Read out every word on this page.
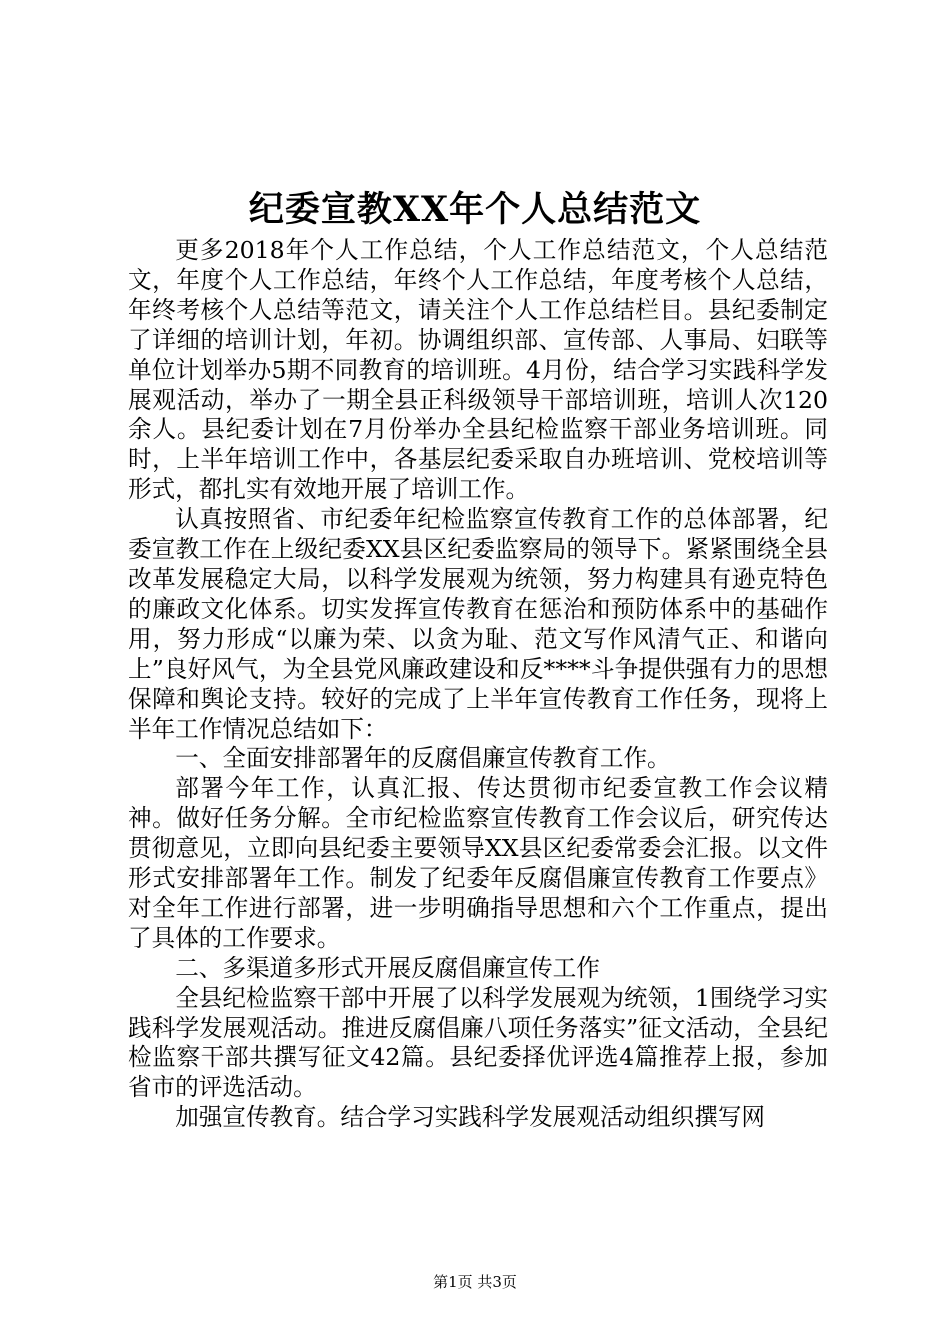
纪委宣教XX年个人总结范文

更多2018年个人工作总结，个人工作总结范文，个人总结范文，年度个人工作总结，年终个人工作总结，年度考核个人总结，年终考核个人总结等范文，请关注个人工作总结栏目。县纪委制定了详细的培训计划，年初。协调组织部、宣传部、人事局、妇联等单位计划举办5期不同教育的培训班。4月份，结合学习实践科学发展观活动，举办了一期全县正科级领导干部培训班，培训人次120余人。县纪委计划在7月份举办全县纪检监察干部业务培训班。同时，上半年培训工作中，各基层纪委采取自办班培训、党校培训等形式，都扎实有效地开展了培训工作。

认真按照省、市纪委年纪检监察宣传教育工作的总体部署，纪委宣教工作在上级纪委XX县区纪委监察局的领导下。紧紧围绕全县改革发展稳定大局，以科学发展观为统领，努力构建具有逊克特色的廉政文化体系。切实发挥宣传教育在惩治和预防体系中的基础作用，努力形成“以廉为荣、以贪为耻、范文写作风清气正、和谐向上”良好风气，为全县党风廉政建设和反****斗争提供强有力的思想保障和舆论支持。较好的完成了上半年宣传教育工作任务，现将上半年工作情况总结如下：

一、全面安排部署年的反腐倡廉宣传教育工作。

部署今年工作，认真汇报、传达贯彻市纪委宣教工作会议精神。做好任务分解。全市纪检监察宣传教育工作会议后，研究传达贯彻意见，立即向县纪委主要领导XX县区纪委常委会汇报。以文件形式安排部署年工作。制发了纪委年反腐倡廉宣传教育工作要点》对全年工作进行部署，进一步明确指导思想和六个工作重点，提出了具体的工作要求。

二、多渠道多形式开展反腐倡廉宣传工作

全县纪检监察干部中开展了以科学发展观为统领，1围绕学习实践科学发展观活动。推进反腐倡廉八项任务落实”征文活动，全县纪检监察干部共撰写征文42篇。县纪委择优评选4篇推荐上报，参加省市的评选活动。

加强宣传教育。结合学习实践科学发展观活动组织撰写网

第1页 共3页
